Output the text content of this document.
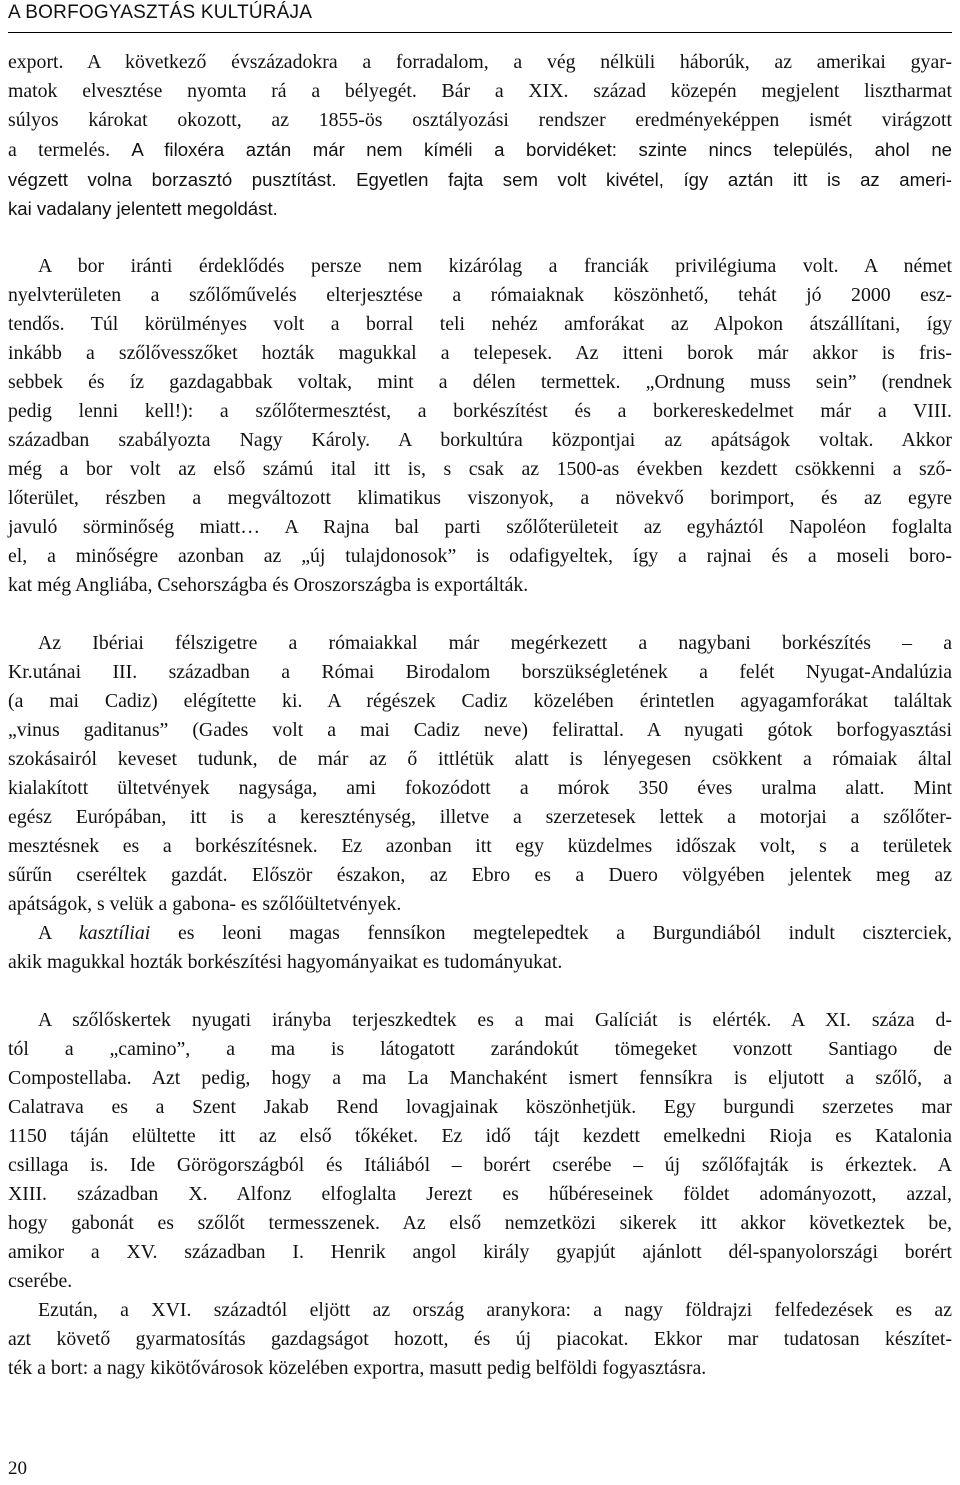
A BORFOGYASZTÁS KULTÚRÁJA
export. A következő évszázadokra a forradalom, a vég nélküli háborúk, az amerikai gyar-
matok elvesztése nyomta rá a bélyegét. Bár a XIX. század közepén megjelent lisztharmat
súlyos károkat okozott, az 1855-ös osztályozási rendszer eredményeképpen ismét virágzott
a termelés. A filoxéra aztán már nem kíméli a borvidéket: szinte nincs település, ahol ne
végzett volna borzasztó pusztítást. Egyetlen fajta sem volt kivétel, így aztán itt is az ameri-
kai vadalany jelentett megoldást.
A bor iránti érdeklődés persze nem kizárólag a franciák privilégiuma volt. A német
nyelvterületen a szőlőművelés elterjesztése a rómaiaknak köszönhető, tehát jó 2000 esz-
tendős. Túl körülményes volt a borral teli nehéz amforákat az Alpokon átszállítani, így
inkább a szőlővesszőket hozták magukkal a telepesek. Az itteni borok már akkor is fris-
sebbek és íz gazdagabbak voltak, mint a délen termettek. „Ordnung muss sein” (rendnek
pedig lenni kell!): a szőlőtermesztést, a borkészítést és a borkereskedelmet már a VIII.
században szabályozta Nagy Károly. A borkultúra központjai az apátságok voltak. Akkor
még a bor volt az első számú ital itt is, s csak az 1500-as években kezdett csökkenni a sző-
lőterület, részben a megváltozott klimatikus viszonyok, a növekvő borimport, és az egyre
javuló sörminőség miatt… A Rajna bal parti szőlőterületeit az egyháztól Napoléon foglalta
el, a minőségre azonban az „új tulajdonosok” is odafigyeltek, így a rajnai és a moseli boro-
kat még Angliába, Csehországba és Oroszországba is exportálták.
Az Ibériai félszigetre a rómaiakkal már megérkezett a nagybani borkészítés – a
Kr.utánai III. században a Római Birodalom borszükségletének a felét Nyugat-Andalúzia
(a mai Cadiz) elégítette ki. A régészek Cadiz közelében érintetlen agyagamforákat találtak
„vinus gaditanus” (Gades volt a mai Cadiz neve) felirattal. A nyugati gótok borfogyasztási
szokásairól keveset tudunk, de már az ő ittlétük alatt is lényegesen csökkent a rómaiak által
kialakított ültetvények nagysága, ami fokozódott a mórok 350 éves uralma alatt. Mint
egész Európában, itt is a kereszténység, illetve a szerzetesek lettek a motorjai a szőlőter-
mesztésnek es a borkészítésnek. Ez azonban itt egy küzdelmes időszak volt, s a területek
sűrűn cseréltek gazdát. Először északon, az Ebro es a Duero völgyében jelentek meg az
apátságok, s velük a gabona- es szőlőültetvények.
A kasztíliai es leoni magas fennsíkon megtelepedtek a Burgundiából indult ciszterciek,
akik magukkal hozták borkészítési hagyományaikat es tudományukat.
A szőlőskertek nyugati irányba terjeszkedtek es a mai Galíciát is elérték. A XI. száza d-
tól a „camino”, a ma is látogatott zarándokút tömegeket vonzott Santiago de
Compostellaba. Azt pedig, hogy a ma La Manchaként ismert fennsíkra is eljutott a szőlő, a
Calatrava es a Szent Jakab Rend lovagjainak köszönhetjük. Egy burgundi szerzetes mar
1150 táján elültette itt az első tőkéket. Ez idő tájt kezdett emelkedni Rioja es Katalonia
csillaga is. Ide Görögországból és Itáliából – borért cserébe – új szőlőfajták is érkeztek. A
XIII. században X. Alfonz elfoglalta Jerezt es hűbéreseinek földet adományozott, azzal,
hogy gabonát es szőlőt termesszenek. Az első nemzetközi sikerek itt akkor következtek be,
amikor a XV. században I. Henrik angol király gyapjút ajánlott dél-spanyolországi borért
cserébe.
Ezután, a XVI. századtól eljött az ország aranykora: a nagy földrajzi felfedezések es az
azt követő gyarmatosítás gazdagságot hozott, és új piacokat. Ekkor mar tudatosan készítet-
ték a bort: a nagy kikötővárosok közelében exportra, masutt pedig belföldi fogyasztásra.
20
